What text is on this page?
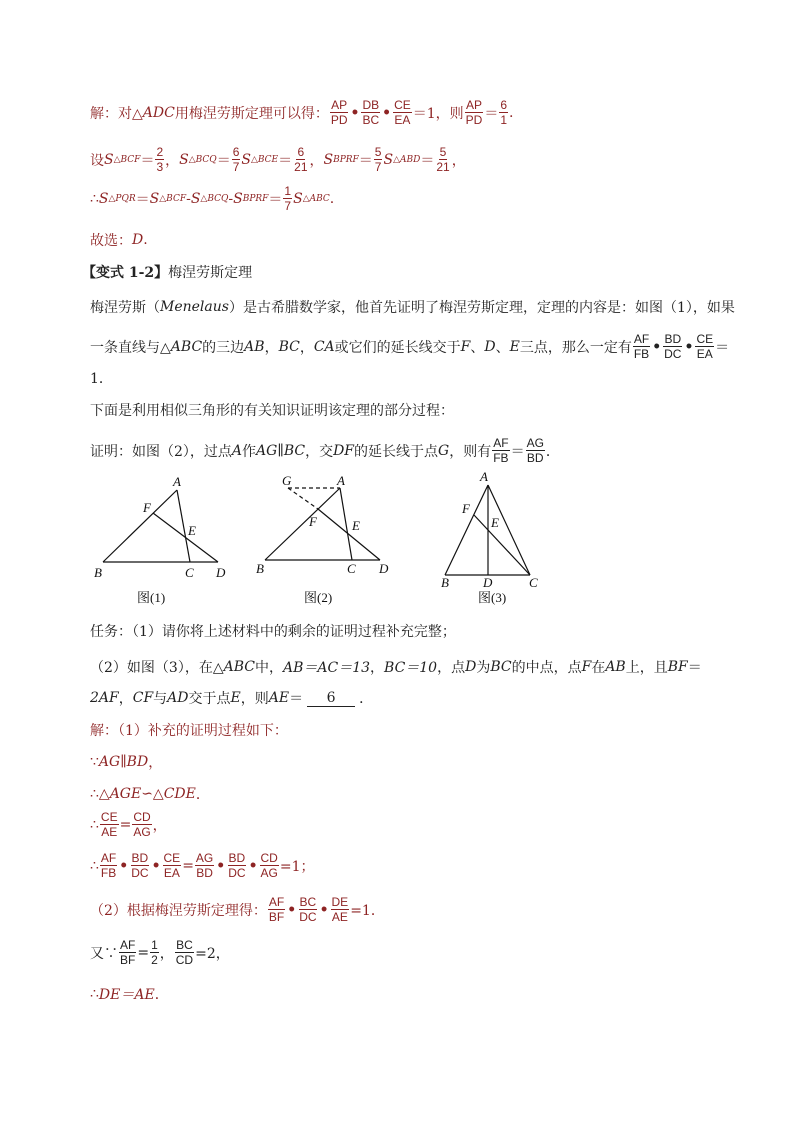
解：对△ ADC 用梅涅劳斯定理可以得： $\frac{AP}{PD}$ • $\frac{DB}{BC}$ • $\frac{CE}{EA} =1$，则 $\frac{AP}{PD} = \frac{6}{1}$ .
设 S △BCF ＝ $\frac{2}{3}$ ， S △BCQ ＝ $\frac{6}{7}$ S △BCE ＝ $\frac{6}{21}$ ， S BPRF ＝ $\frac{5}{7}$ S △ABD ＝ $\frac{5}{21}$ ，
∴ S △PQR ＝ S △BCF - S △BCQ - S BPRF ＝ $\frac{1}{7}$ S △ABC .
故选： D .
【变式 1-2】 梅涅劳斯定理
梅涅劳斯（ Menelaus ）是古希腊数学家，他首先证明了梅涅劳斯定理，定理的内容是：如图（1），如果
一条直线与△ ABC 的三边 AB ， BC ， CA 或它们的延长线交于 F 、 D 、 E 三点，那么一定有 $\frac{AF}{FB}$ • $\frac{BD}{DC}$ • $\frac{CE}{EA}$ ＝
1．
下面是利用相似三角形的有关知识证明该定理的部分过程：
证明：如图（2），过点 A 作 AG ∥ BC ，交 DF 的延长线于点 G ，则有 $\frac{AF}{FB} = \frac{AG}{BD}$ ．
A
B	C D
E
F
图(1)
G	A
B	C D
E
F
图(2)
A
B	D	C
E
F
图(3)
任务：（1）请你将上述材料中的剩余的证明过程补充完整；
（2）如图（3），在△ ABC 中， AB＝AC＝13 ， BC＝10 ，点 D 为 BC 的中点，点 F 在 AB 上，且 BF ＝
2AF ， CF 与 AD 交于点 E ，则 AE ＝	6	．
解：（1）补充的证明过程如下：
∵ AG∥BD ，
∴ △AGE∽△CDE ．
∴ $\frac{CE}{AE} = \frac{CD}{AG}$ ，
∴ $\frac{AF}{FB}$ • $\frac{BD}{DC}$ • $\frac{CE}{EA} = \frac{AG}{BD}$ • $\frac{BD}{DC}$ • $\frac{CD}{AG} =1$；
（2）根据梅涅劳斯定理得： $\frac{AF}{BF}$ • $\frac{BC}{DC}$ • $\frac{DE}{AE} =1$．
又∵ $\frac{AF}{BF} = \frac{1}{2}$ ， $\frac{BC}{CD} =2$，
∴ DE＝AE ．
